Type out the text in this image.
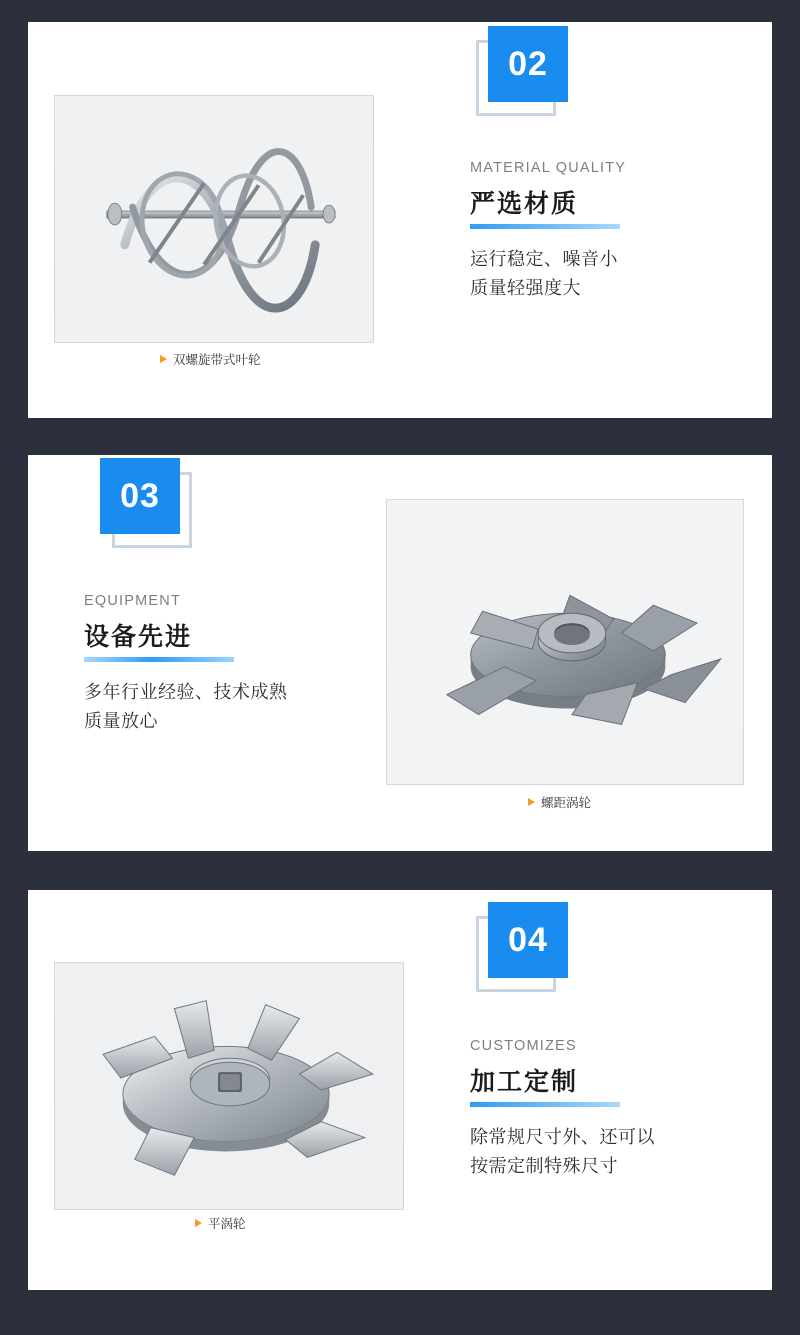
02
双螺旋带式叶轮
MATERIAL QUALITY
严选材质
运行稳定、噪音小
质量轻强度大
03
螺距涡轮
EQUIPMENT
设备先进
多年行业经验、技术成熟
质量放心
04
平涡轮
CUSTOMIZES
加工定制
除常规尺寸外、还可以
按需定制特殊尺寸
